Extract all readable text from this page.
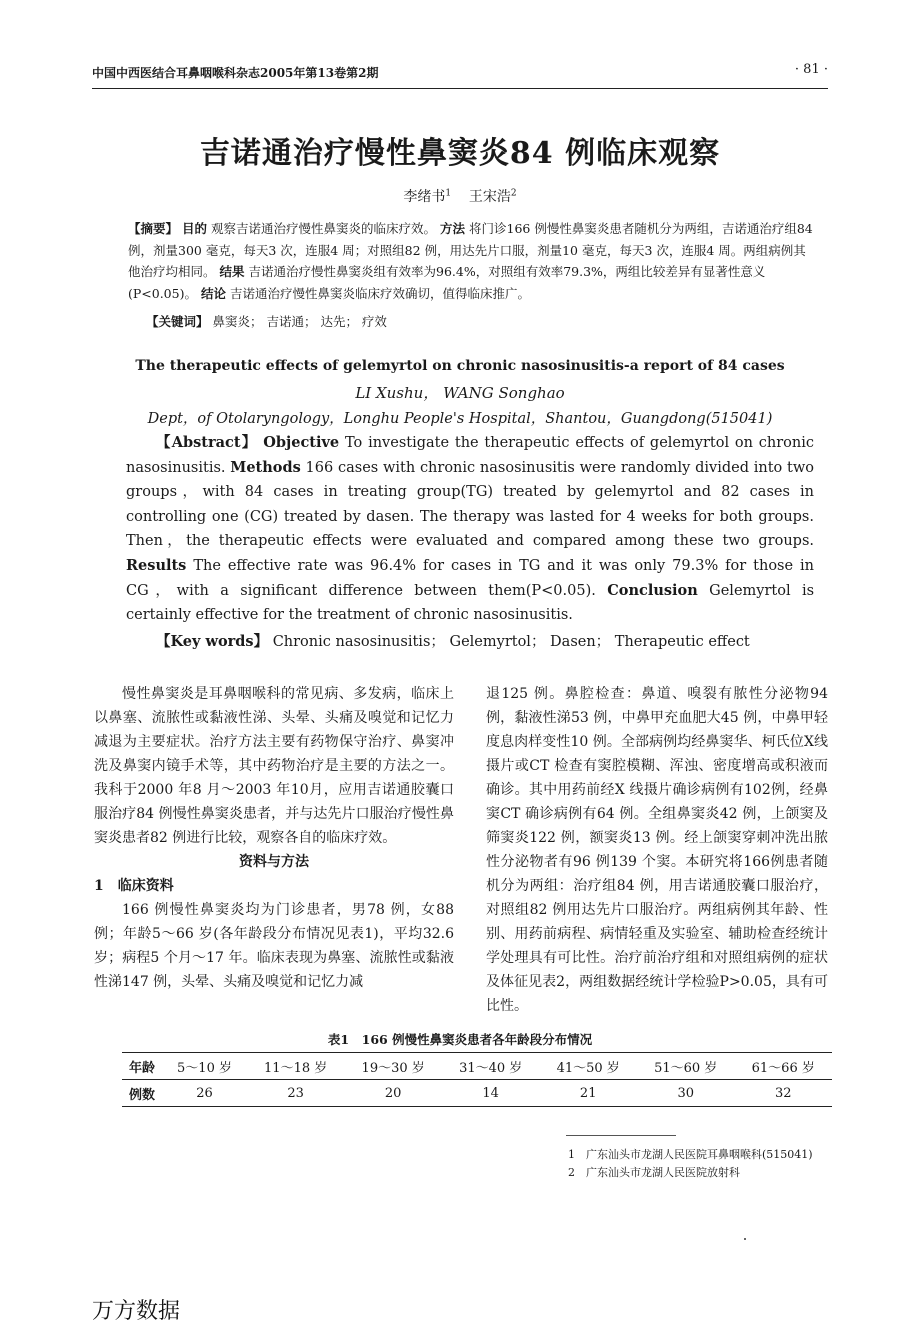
中国中西医结合耳鼻咽喉科杂志2005年第13卷第2期	· 81 ·
吉诺通治疗慢性鼻窦炎84 例临床观察
李绪书$^1$ 王宋浩$^2$
【摘要】 目的 观察吉诺通治疗慢性鼻窦炎的临床疗效。 方法 将门诊166 例慢性鼻窦炎患者随机分为两组，吉诺通治疗组84 例，剂量300 毫克，每天3 次，连服4 周；对照组82 例，用达先片口服，剂量10 毫克，每天3 次，连服4 周。两组病例其他治疗均相同。 结果 吉诺通治疗慢性鼻窦炎组有效率为96.4%，对照组有效率79.3%，两组比较差异有显著性意义(P<0.05)。 结论 吉诺通治疗慢性鼻窦炎临床疗效确切，值得临床推广。
【关键词】 鼻窦炎； 吉诺通； 达先； 疗效
The therapeutic effects of gelemyrtol on chronic nasosinusitis-a report of 84 cases
LI Xushu， WANG Songhao
Dept，of Otolaryngology，Longhu People's Hospital，Shantou，Guangdong(515041)
【Abstract】 Objective To investigate the therapeutic effects of gelemyrtol on chronic nasosinusitis. Methods 166 cases with chronic nasosinusitis were randomly divided into two groups，with 84 cases in treating group(TG) treated by gelemyrtol and 82 cases in controlling one (CG) treated by dasen. The therapy was lasted for 4 weeks for both groups. Then，the therapeutic effects were evaluated and compared among these two groups. Results The effective rate was 96.4% for cases in TG and it was only 79.3% for those in CG，with a significant difference between them(P<0.05). Conclusion Gelemyrtol is certainly effective for the treatment of chronic nasosinusitis.
【Key words】 Chronic nasosinusitis； Gelemyrtol； Dasen； Therapeutic effect

慢性鼻窦炎是耳鼻咽喉科的常见病、多发病，临床上以鼻塞、流脓性或黏液性涕、头晕、头痛及嗅觉和记忆力减退为主要症状。治疗方法主要有药物保守治疗、鼻窦冲洗及鼻窦内镜手术等，其中药物治疗是主要的方法之一。我科于2000 年8 月～2003 年10月，应用吉诺通胶囊口服治疗84 例慢性鼻窦炎患者，并与达先片口服治疗慢性鼻窦炎患者82 例进行比较，观察各自的临床疗效。

资料与方法

1　临床资料

166 例慢性鼻窦炎均为门诊患者，男78 例，女88例；年龄5～66 岁(各年龄段分布情况见表1)，平均32.6 岁；病程5 个月～17 年。临床表现为鼻塞、流脓性或黏液性涕147 例，头晕、头痛及嗅觉和记忆力减

退125 例。鼻腔检查：鼻道、嗅裂有脓性分泌物94 例，黏液性涕53 例，中鼻甲充血肥大45 例，中鼻甲轻度息肉样变性10 例。全部病例均经鼻窦华、柯氏位X线摄片或CT 检查有窦腔模糊、浑浊、密度增高或积液而确诊。其中用药前经X 线摄片确诊病例有102例，经鼻窦CT 确诊病例有64 例。全组鼻窦炎42 例，上颌窦及筛窦炎122 例，额窦炎13 例。经上颌窦穿刺冲洗出脓性分泌物者有96 例139 个窦。本研究将166例患者随机分为两组：治疗组84 例，用吉诺通胶囊口服治疗，对照组82 例用达先片口服治疗。两组病例其年龄、性别、用药前病程、病情轻重及实验室、辅助检查经统计学处理具有可比性。治疗前治疗组和对照组病例的症状及体征见表2，两组数据经统计学检验P>0.05，具有可比性。

表1　166 例慢性鼻窦炎患者各年龄段分布情况
年龄	5～10 岁	11～18 岁	19～30 岁	31～40 岁	41～50 岁	51～60 岁	61～66 岁
例数	26	23	20	14	21	30	32
1　广东汕头市龙湖人民医院耳鼻咽喉科(515041)
2　广东汕头市龙湖人民医院放射科
万方数据
